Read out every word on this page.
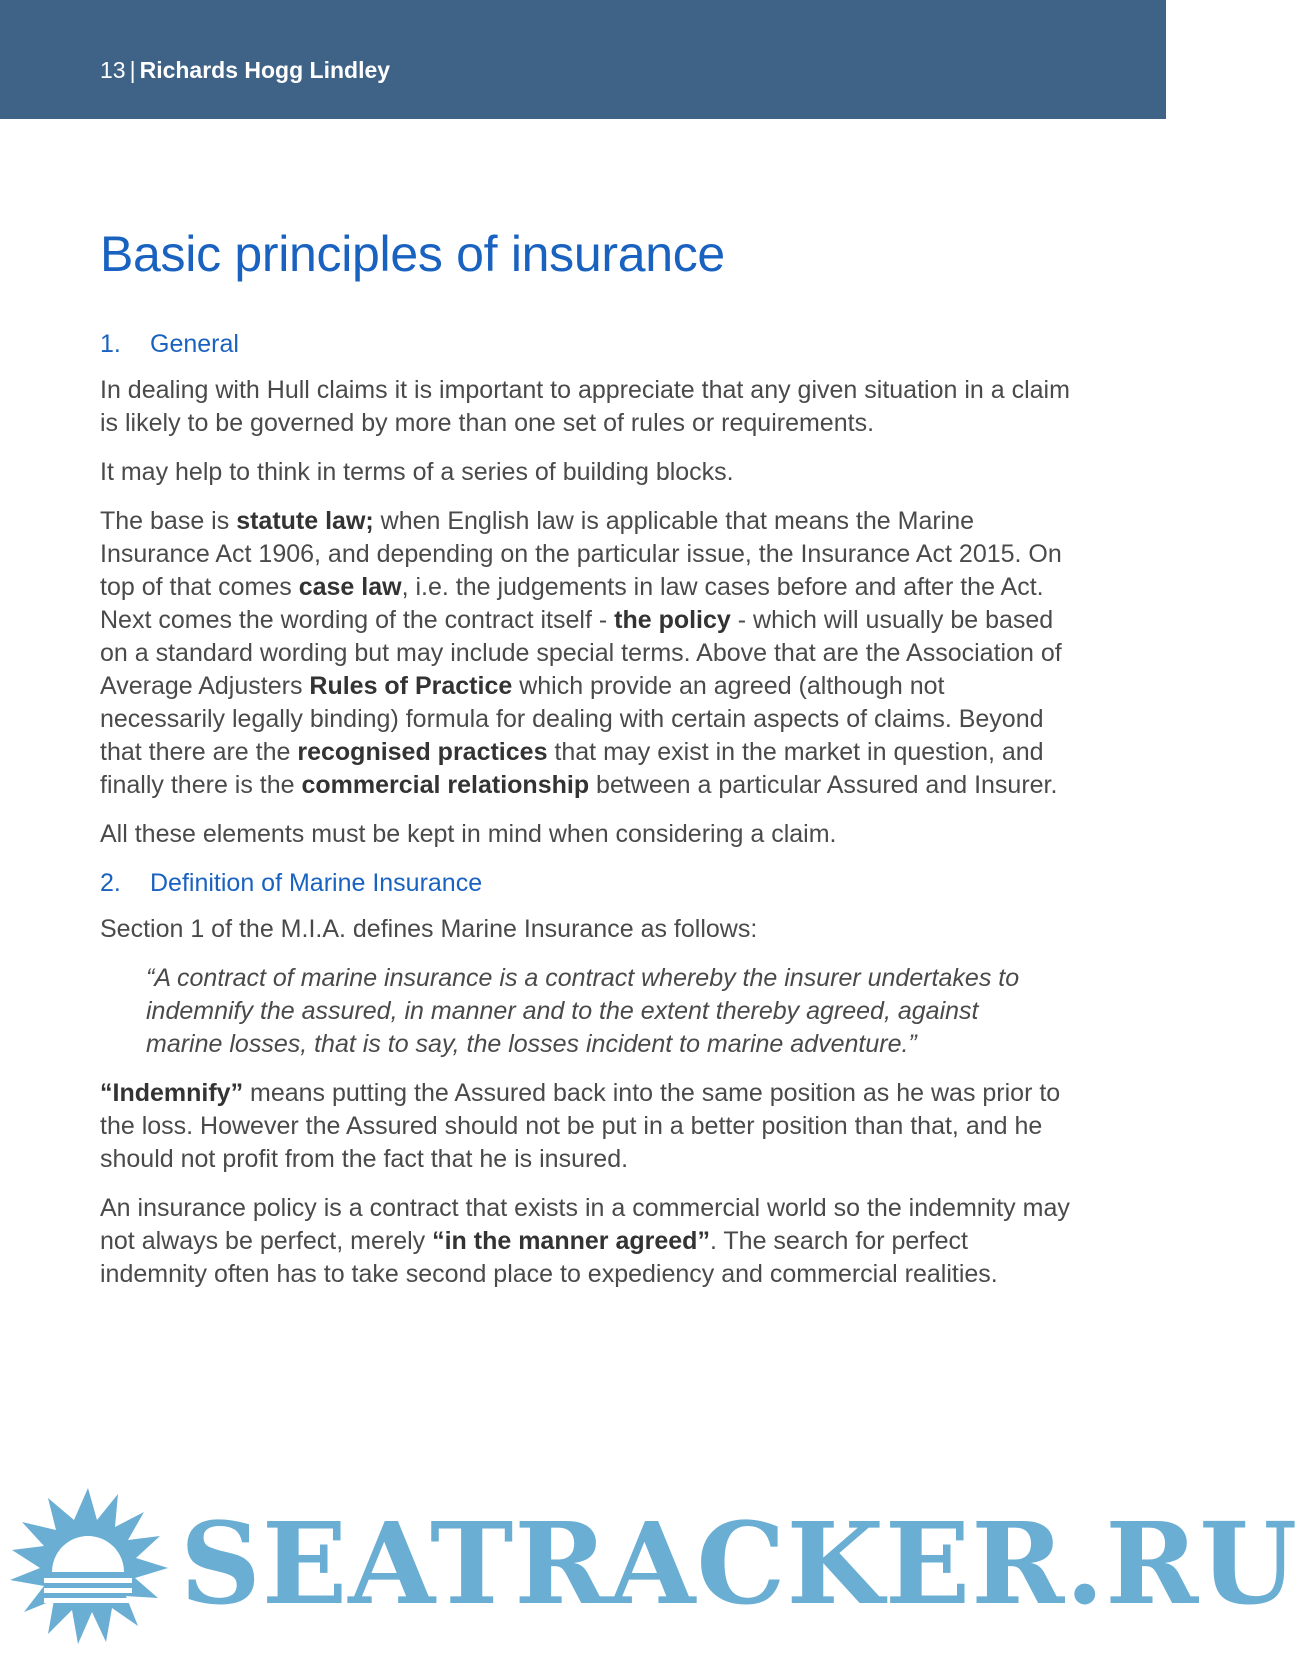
13 | Richards Hogg Lindley
Basic principles of insurance
1.	General

In dealing with Hull claims it is important to appreciate that any given situation in a claim is likely to be governed by more than one set of rules or requirements.

It may help to think in terms of a series of building blocks.

The base is statute law; when English law is applicable that means the Marine Insurance Act 1906, and depending on the particular issue, the Insurance Act 2015. On top of that comes case law, i.e. the judgements in law cases before and after the Act. Next comes the wording of the contract itself - the policy - which will usually be based on a standard wording but may include special terms. Above that are the Association of Average Adjusters Rules of Practice which provide an agreed (although not necessarily legally binding) formula for dealing with certain aspects of claims. Beyond that there are the recognised practices that may exist in the market in question, and finally there is the commercial relationship between a particular Assured and Insurer.

All these elements must be kept in mind when considering a claim.

2.	Definition of Marine Insurance

Section 1 of the M.I.A. defines Marine Insurance as follows:

“A contract of marine insurance is a contract whereby the insurer undertakes to indemnify the assured, in manner and to the extent thereby agreed, against marine losses, that is to say, the losses incident to marine adventure.”

“Indemnify” means putting the Assured back into the same position as he was prior to the loss. However the Assured should not be put in a better position than that, and he should not profit from the fact that he is insured.

An insurance policy is a contract that exists in a commercial world so the indemnity may not always be perfect, merely “in the manner agreed”. The search for perfect indemnity often has to take second place to expediency and commercial realities.

SEATRACKER.RU
